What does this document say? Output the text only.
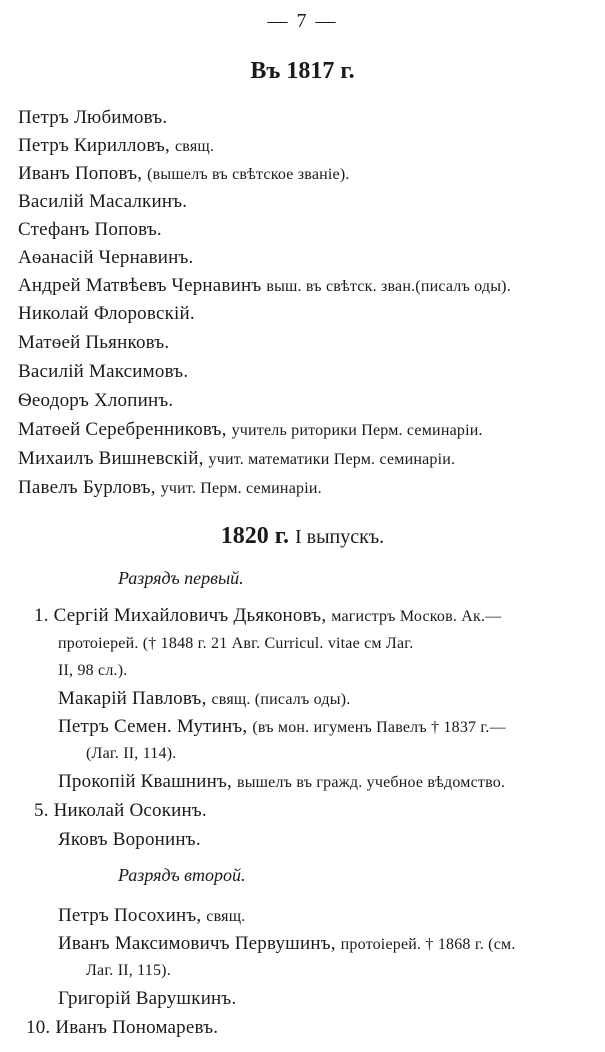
— 7 —
Въ 1817 г.
Петръ Любимовъ.
Петръ Кирилловъ, свящ.
Иванъ Поповъ, (вышелъ въ свѣтское званіе).
Василій Масалкинъ.
Стефанъ Поповъ.
Аѳанасій Чернавинъ.
Андрей Матвѣевъ Чернавинъ выш. въ свѣтск. зван.(писалъ оды).
Николай Флоровскій.
Матѳей Пьянковъ.
Василій Максимовъ.
Ѳеодоръ Хлопинъ.
Матѳей Серебренниковъ, учитель риторики Перм. семинаріи.
Михаилъ Вишневскій, учит. математики Перм. семинаріи.
Павелъ Бурловъ, учит. Перм. семинаріи.
1820 г. I выпускъ.
Разрядъ первый.
1. Сергій Михайловичъ Дьяконовъ, магистръ Москов. Ак.—
протоіерей. († 1848 г. 21 Авг. Curricul. vitae см Лаг.
II, 98 сл.).
Макарій Павловъ, свящ. (писалъ оды).
Петръ Семен. Мутинъ, (въ мон. игуменъ Павелъ † 1837 г.—
(Лаг. II, 114).
Прокопій Квашнинъ, вышелъ въ гражд. учебное вѣдомство.
5. Николай Осокинъ.
Яковъ Воронинъ.
Разрядъ второй.
Петръ Посохинъ, свящ.
Иванъ Максимовичъ Первушинъ, протоіерей. † 1868 г. (см.
Лаг. II, 115).
Григорій Варушкинъ.
10. Иванъ Пономаревъ.
